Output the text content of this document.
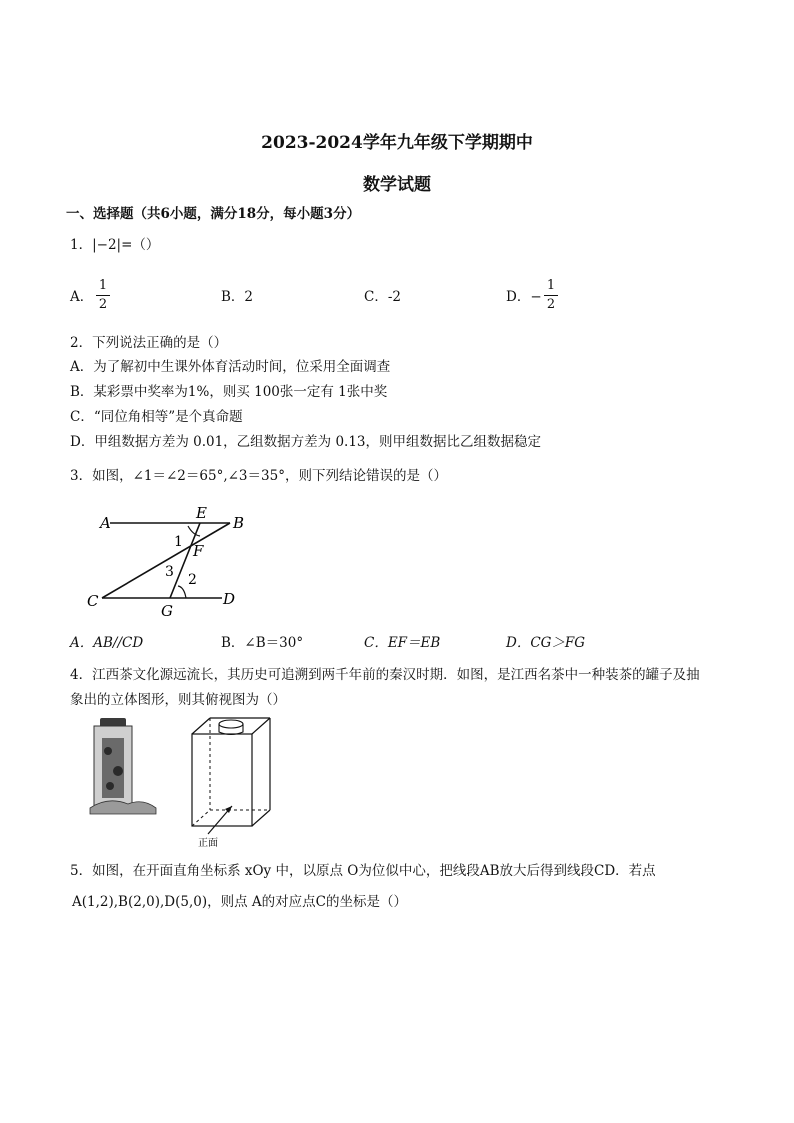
2023-2024学年九年级下学期期中
数学试题
一、选择题（共6小题，满分18分，每小题3分）
1．|−2|=（）
A．
1
2	B．2	C．-2	D．−
1
2
2．下列说法正确的是（）
A．为了解初中生课外体育活动时间，位采用全面调查
B．某彩票中奖率为1%，则买 100张一定有 1张中奖
C．“同位角相等”是个真命题
D．甲组数据方差为 0.01，乙组数据方差为 0.13，则甲组数据比乙组数据稳定
3．如图，∠1＝∠2＝65°,∠3＝35°，则下列结论错误的是（）
A	B
C	D
E
F
G
1
2
3
A．AB//CD	B．∠B＝30°	C．EF＝EB	D．CG＞FG
4．江西茶文化源远流长，其历史可追溯到两千年前的秦汉时期．如图，是江西名茶中一种装茶的罐子及抽
象出的立体图形，则其俯视图为（）
正面
5．如图，在开面直角坐标系 xOy 中，以原点 O为位似中心，把线段AB放大后得到线段CD．若点
A(1,2),B(2,0),D(5,0)，则点 A的对应点C的坐标是（）
